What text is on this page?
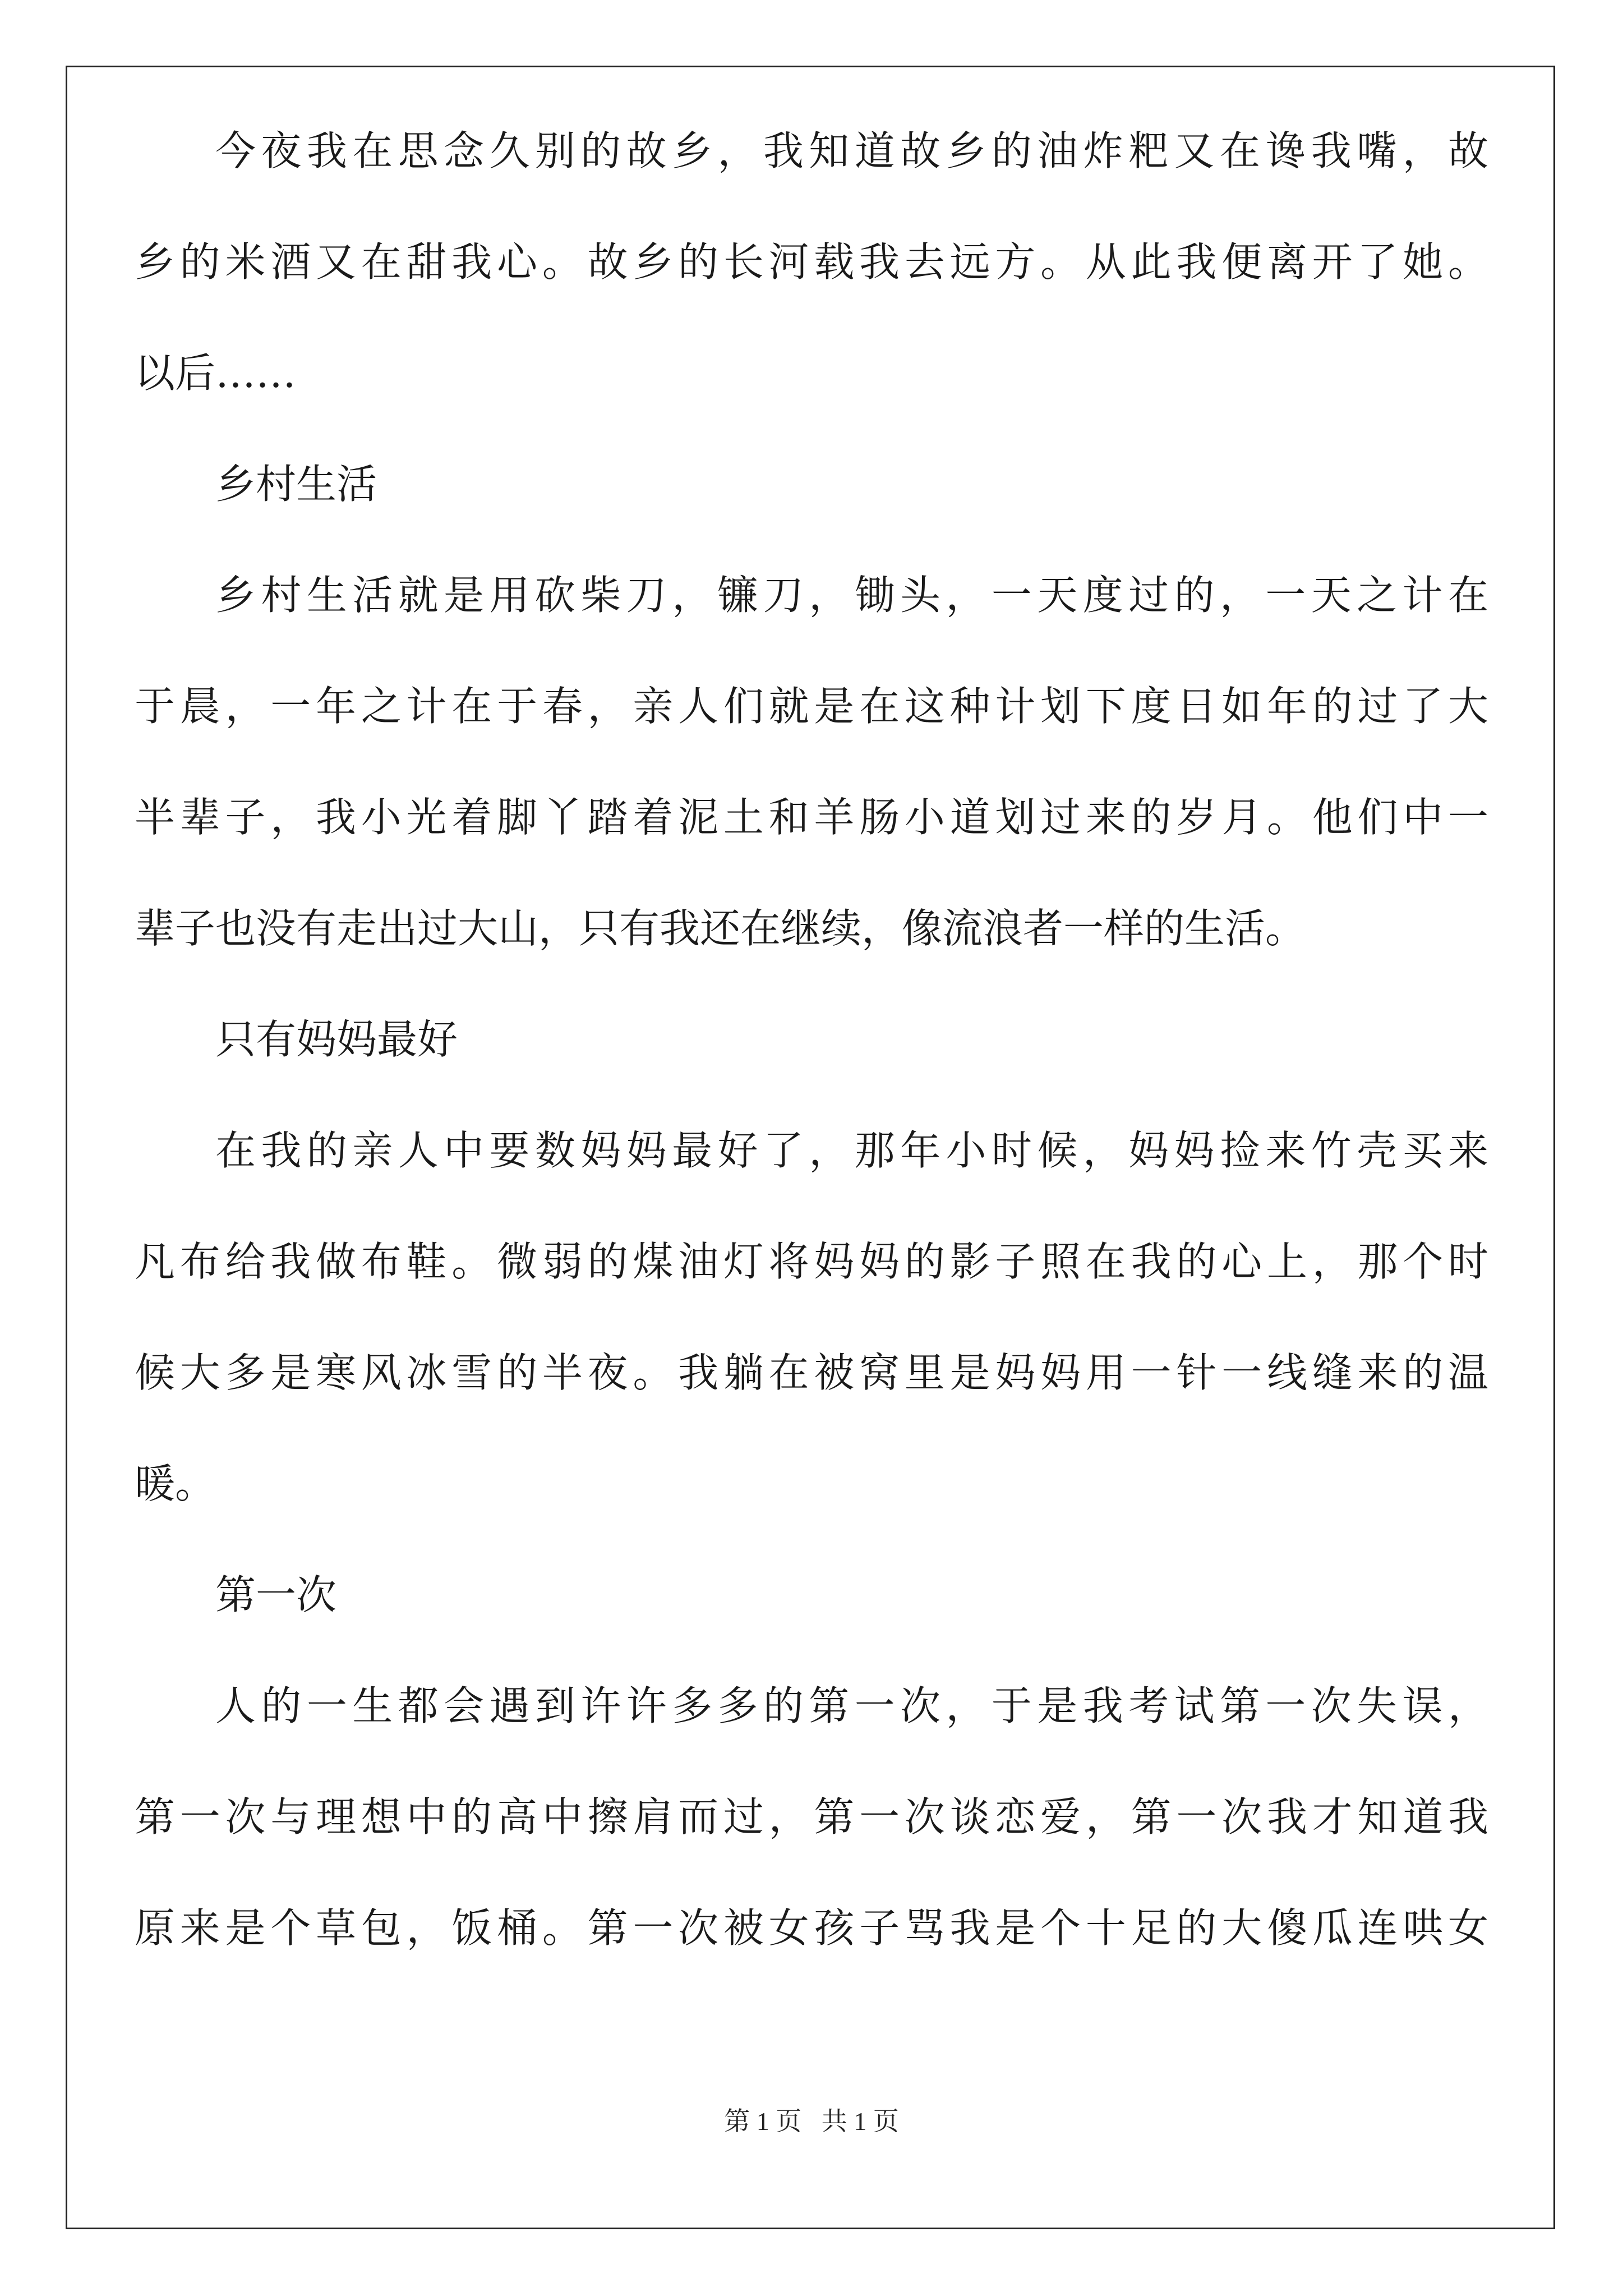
今夜我在思念久别的故乡，我知道故乡的油炸粑又在谗我嘴，故
乡的米酒又在甜我心。故乡的长河载我去远方。从此我便离开了她。
以后……
乡村生活
乡村生活就是用砍柴刀，镰刀，锄头，一天度过的，一天之计在
于晨，一年之计在于春，亲人们就是在这种计划下度日如年的过了大
半辈子，我小光着脚丫踏着泥土和羊肠小道划过来的岁月。他们中一
辈子也没有走出过大山，只有我还在继续，像流浪者一样的生活。
只有妈妈最好
在我的亲人中要数妈妈最好了，那年小时候，妈妈捡来竹壳买来
凡布给我做布鞋。微弱的煤油灯将妈妈的影子照在我的心上，那个时
候大多是寒风冰雪的半夜。我躺在被窝里是妈妈用一针一线缝来的温
暖。
第一次
人的一生都会遇到许许多多的第一次，于是我考试第一次失误，
第一次与理想中的高中擦肩而过，第一次谈恋爱，第一次我才知道我
原来是个草包，饭桶。第一次被女孩子骂我是个十足的大傻瓜连哄女
第 1 页 共 1 页
